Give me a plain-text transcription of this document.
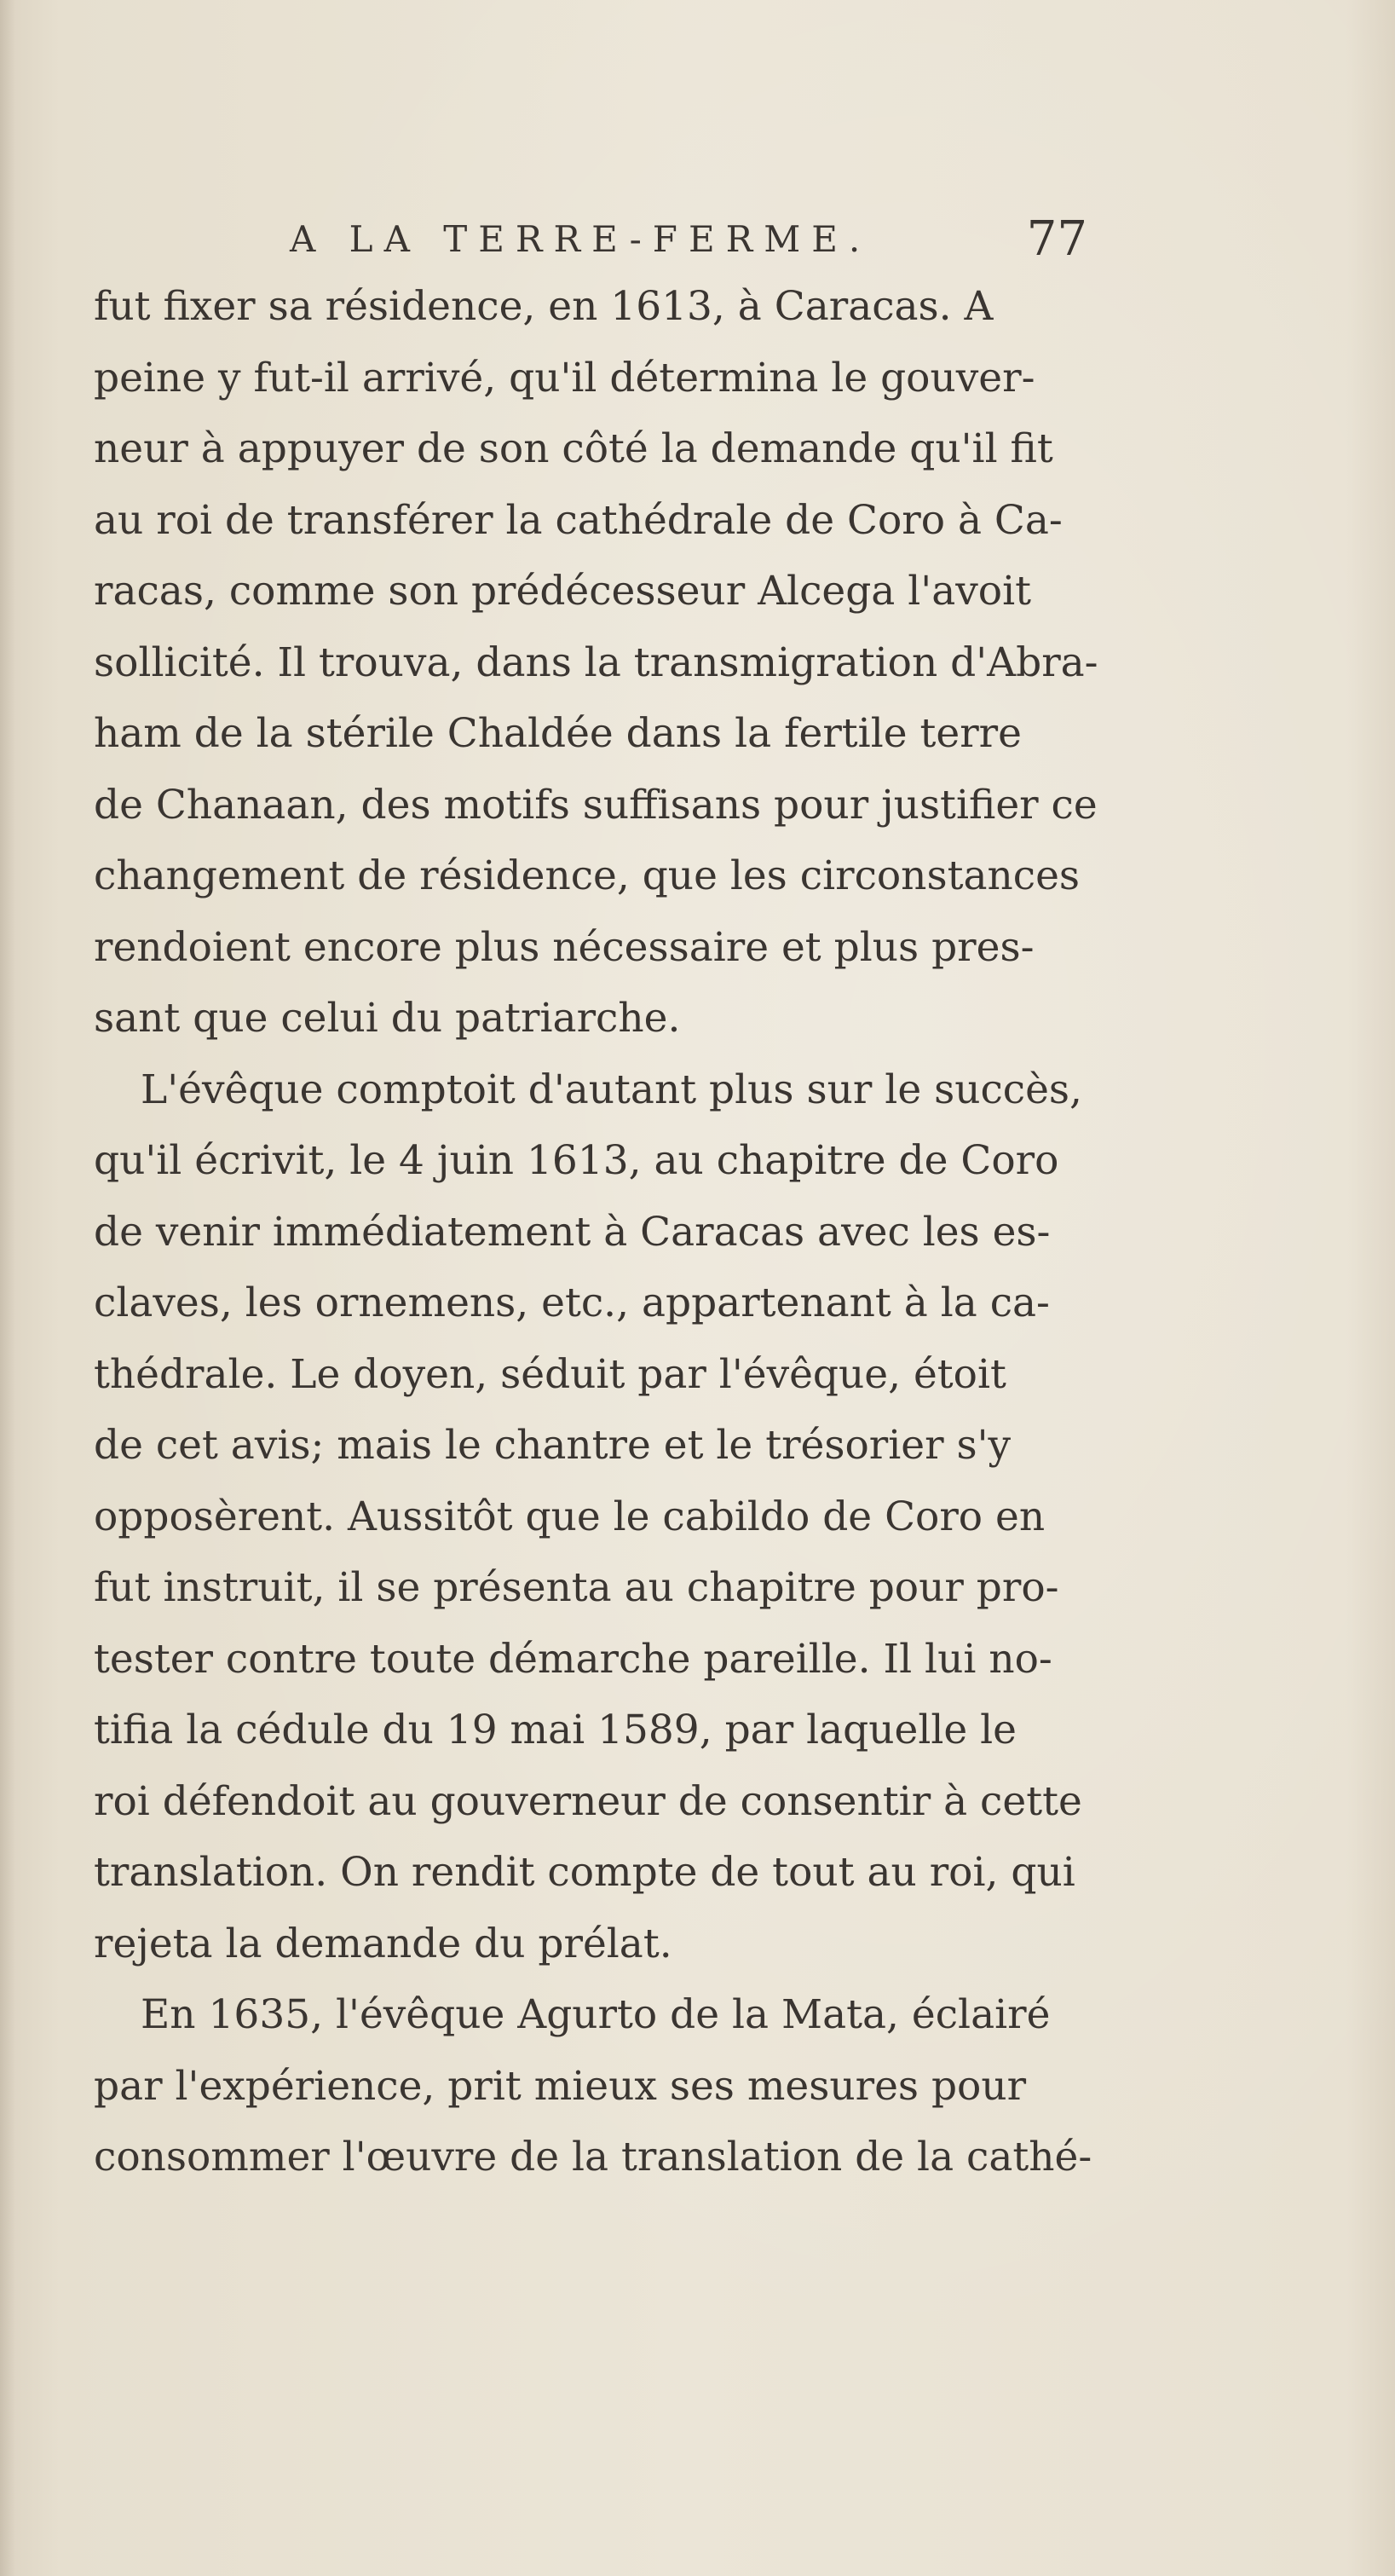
A LA TERRE-FERME.	77
fut fixer sa résidence, en 1613, à Caracas. A
peine y fut-il arrivé, qu'il détermina le gouver-
neur à appuyer de son côté la demande qu'il fit
au roi de transférer la cathédrale de Coro à Ca-
racas, comme son prédécesseur Alcega l'avoit
sollicité. Il trouva, dans la transmigration d'Abra-
ham de la stérile Chaldée dans la fertile terre
de Chanaan, des motifs suffisans pour justifier ce
changement de résidence, que les circonstances
rendoient encore plus nécessaire et plus pres-
sant que celui du patriarche.
L'évêque comptoit d'autant plus sur le succès,
qu'il écrivit, le 4 juin 1613, au chapitre de Coro
de venir immédiatement à Caracas avec les es-
claves, les ornemens, etc., appartenant à la ca-
thédrale. Le doyen, séduit par l'évêque, étoit
de cet avis; mais le chantre et le trésorier s'y
opposèrent. Aussitôt que le cabildo de Coro en
fut instruit, il se présenta au chapitre pour pro-
tester contre toute démarche pareille. Il lui no-
tifia la cédule du 19 mai 1589, par laquelle le
roi défendoit au gouverneur de consentir à cette
translation. On rendit compte de tout au roi, qui
rejeta la demande du prélat.
En 1635, l'évêque Agurto de la Mata, éclairé
par l'expérience, prit mieux ses mesures pour
consommer l'œuvre de la translation de la cathé-
